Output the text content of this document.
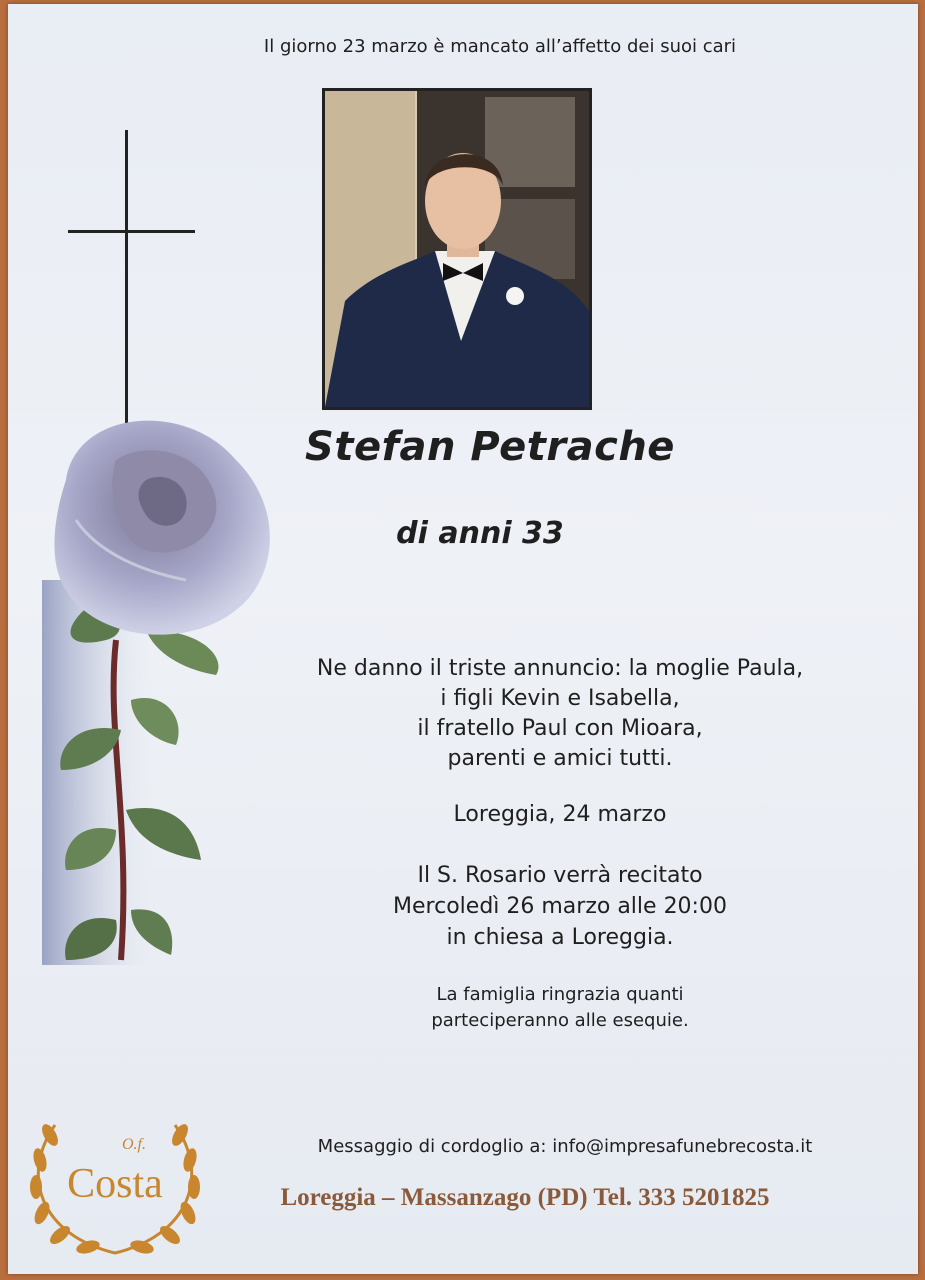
Il giorno 23 marzo è mancato all’affetto dei suoi cari
Stefan Petrache
di anni 33
Ne danno il triste annuncio: la moglie Paula,
i figli Kevin e Isabella,
il fratello Paul con Mioara,
parenti e amici tutti.
Loreggia, 24 marzo
Il S. Rosario verrà recitato
Mercoledì 26 marzo alle 20:00
in chiesa a Loreggia.
La famiglia ringrazia quanti
parteciperanno alle esequie.
Messaggio di cordoglio a: info@impresafunebrecosta.it
Loreggia – Massanzago (PD) Tel. 333 5201825
O.f.
Costa
